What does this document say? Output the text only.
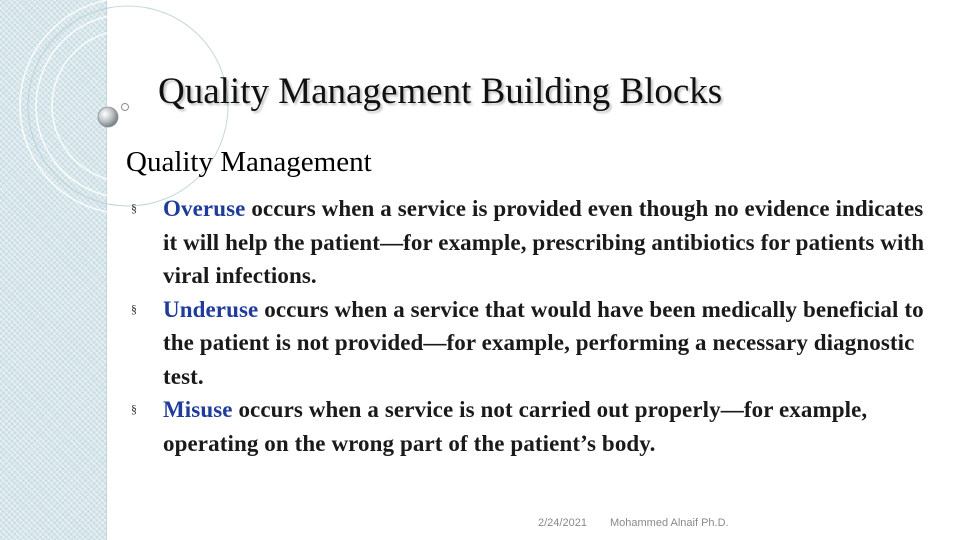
Quality Management Building Blocks
Quality Management
§ Overuse occurs when a service is provided even though no evidence indicates it will help the patient—for example, prescribing antibiotics for patients with viral infections.
§ Underuse occurs when a service that would have been medically beneficial to the patient is not provided—for example, performing a necessary diagnostic test.
§ Misuse occurs when a service is not carried out properly—for example, operating on the wrong part of the patient’s body.
2/24/2021 Mohammed Alnaif Ph.D.
